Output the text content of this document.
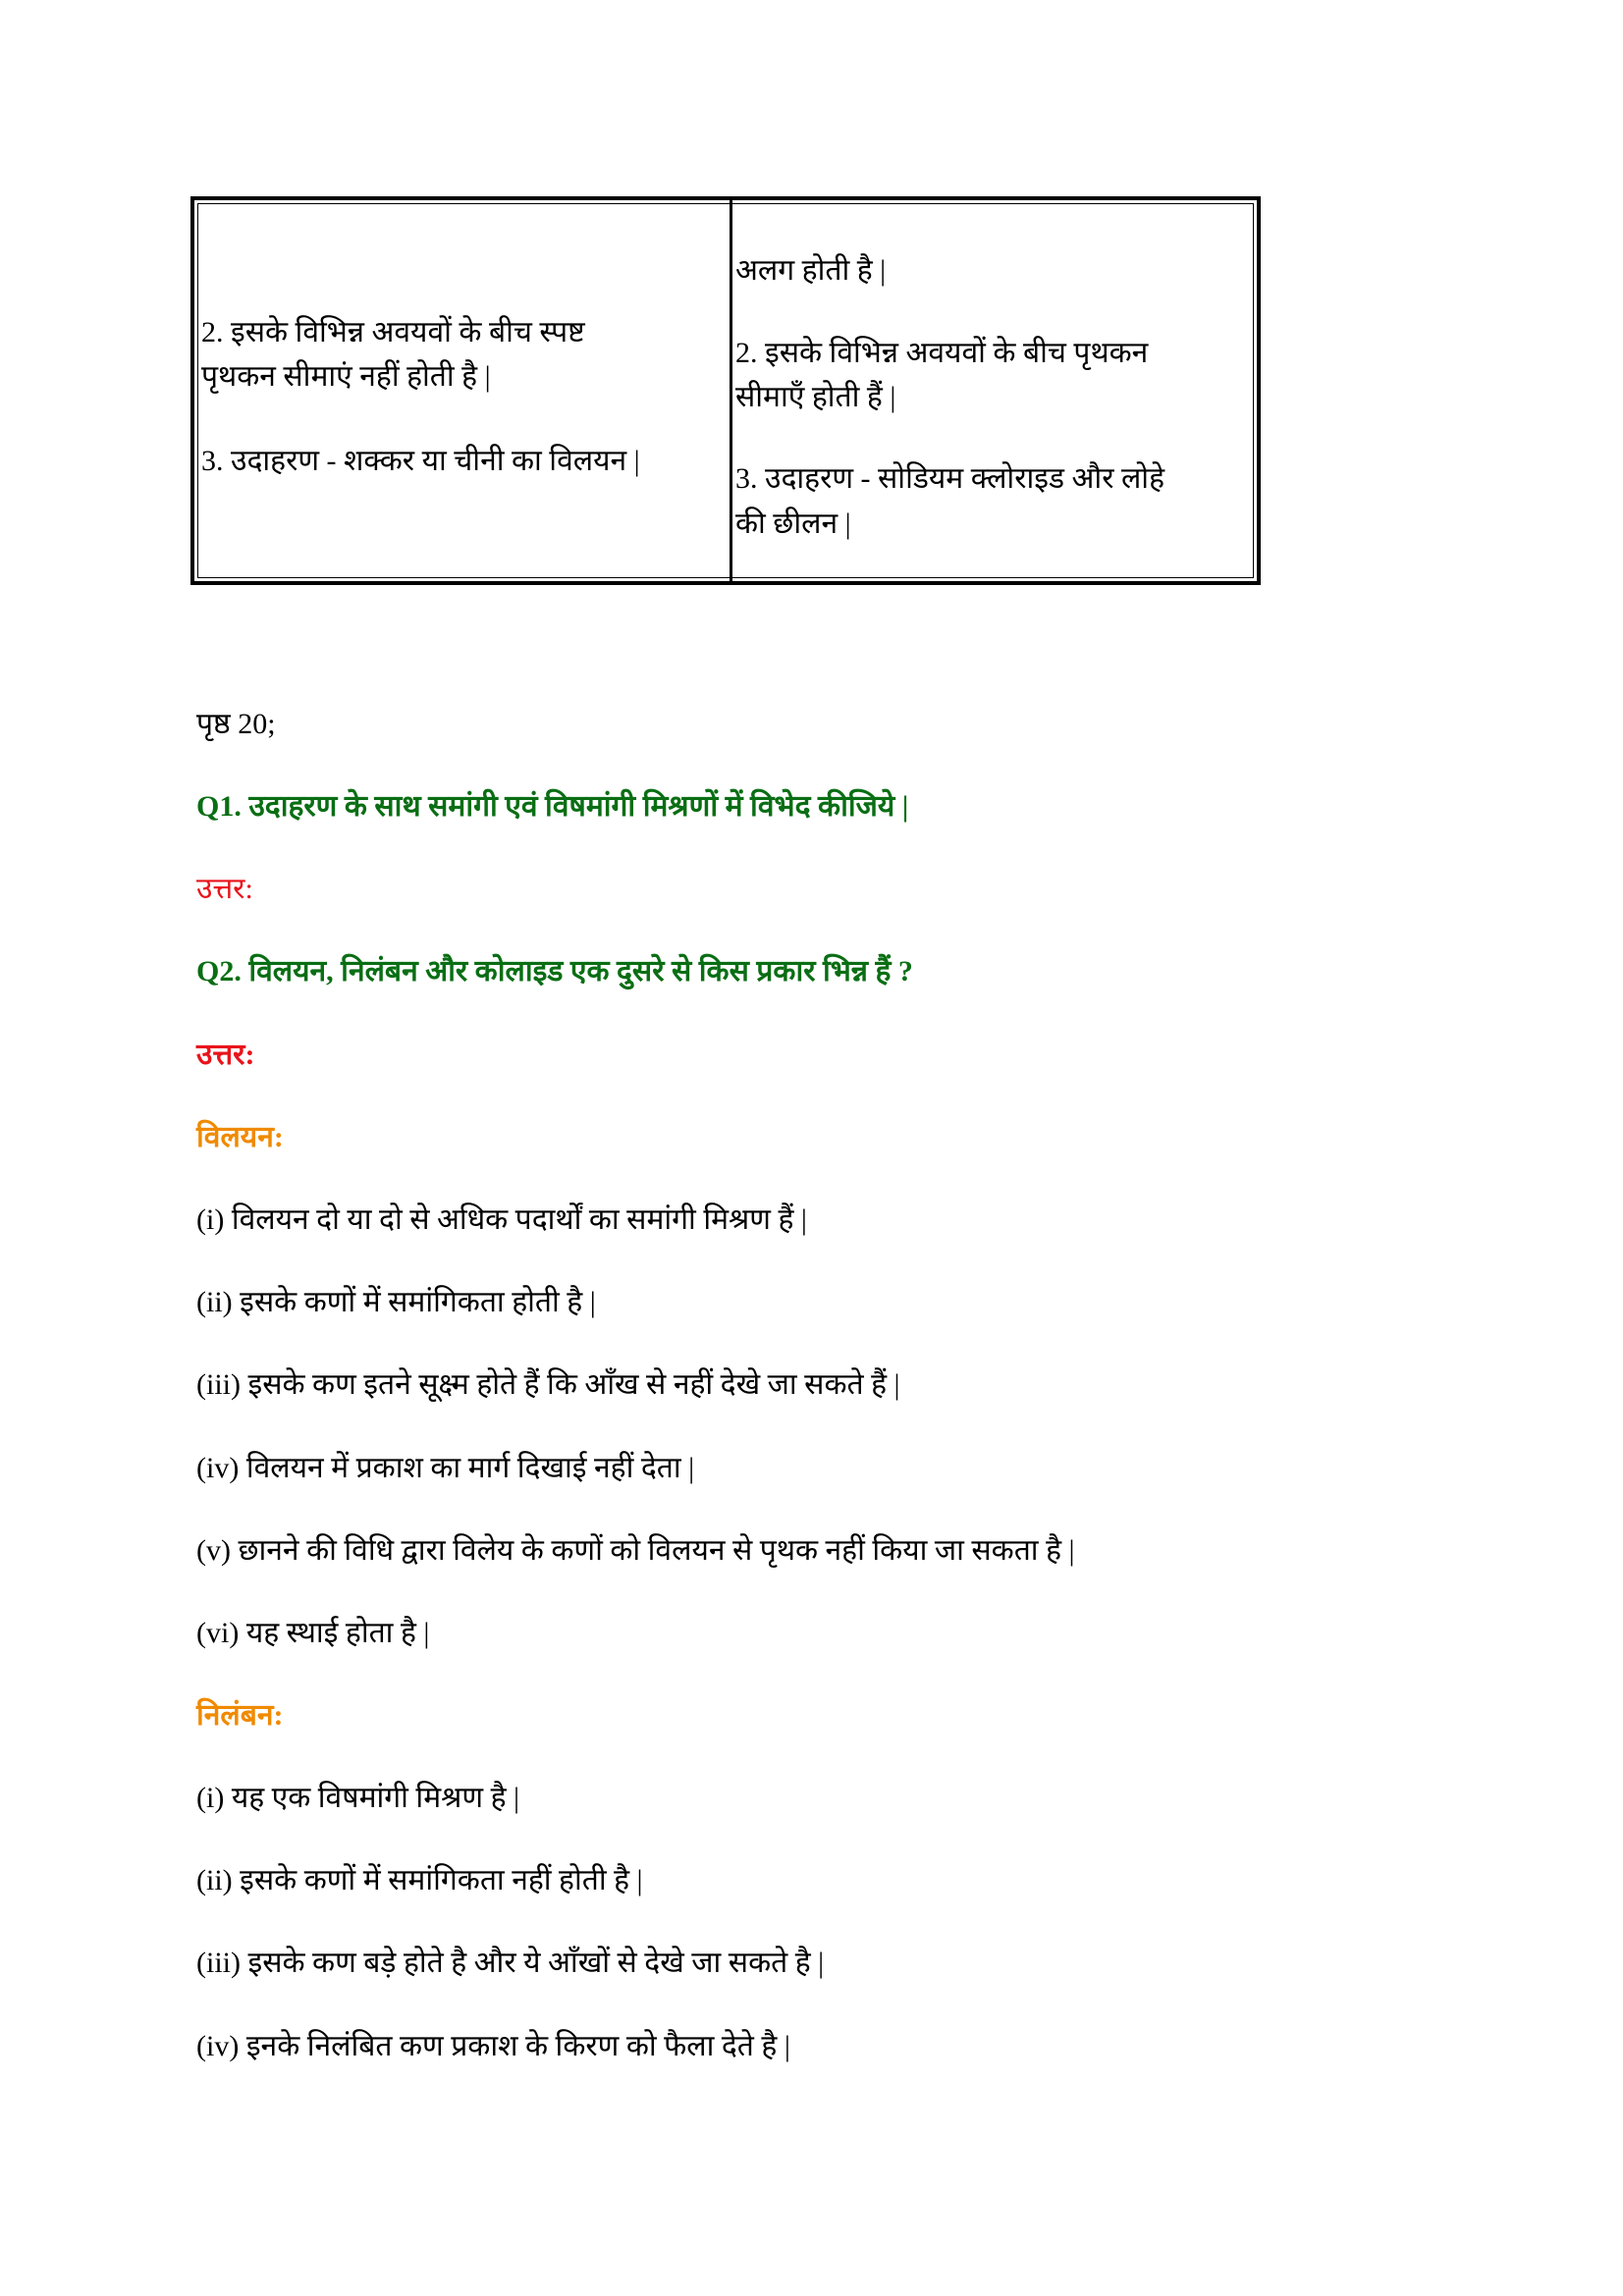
2. इसके विभिन्न अवयवों के बीच स्पष्ट
पृथकन सीमाएं नहीं होती है |
3. उदाहरण - शक्कर या चीनी का विलयन |
अलग होती है |
2. इसके विभिन्न अवयवों के बीच पृथकन
सीमाएँ होती हैं |
3. उदाहरण - सोडियम क्लोराइड और लोहे
की छीलन |
पृष्ठ 20;
Q1. उदाहरण के साथ समांगी एवं विषमांगी मिश्रणों में विभेद कीजिये |
उत्तर:
Q2. विलयन, निलंबन और कोलाइड एक दुसरे से किस प्रकार भिन्न हैं ?
उत्तर:
विलयन:
(i) विलयन दो या दो से अधिक पदार्थों का समांगी मिश्रण हैं |
(ii) इसके कणों में समांगिकता होती है |
(iii) इसके कण इतने सूक्ष्म होते हैं कि आँख से नहीं देखे जा सकते हैं |
(iv) विलयन में प्रकाश का मार्ग दिखाई नहीं देता |
(v) छानने की विधि द्वारा विलेय के कणों को विलयन से पृथक नहीं किया जा सकता है |
(vi) यह स्थाई होता है |
निलंबन:
(i) यह एक विषमांगी मिश्रण है |
(ii) इसके कणों में समांगिकता नहीं होती है |
(iii) इसके कण बड़े होते है और ये आँखों से देखे जा सकते है |
(iv) इनके निलंबित कण प्रकाश के किरण को फैला देते है |
